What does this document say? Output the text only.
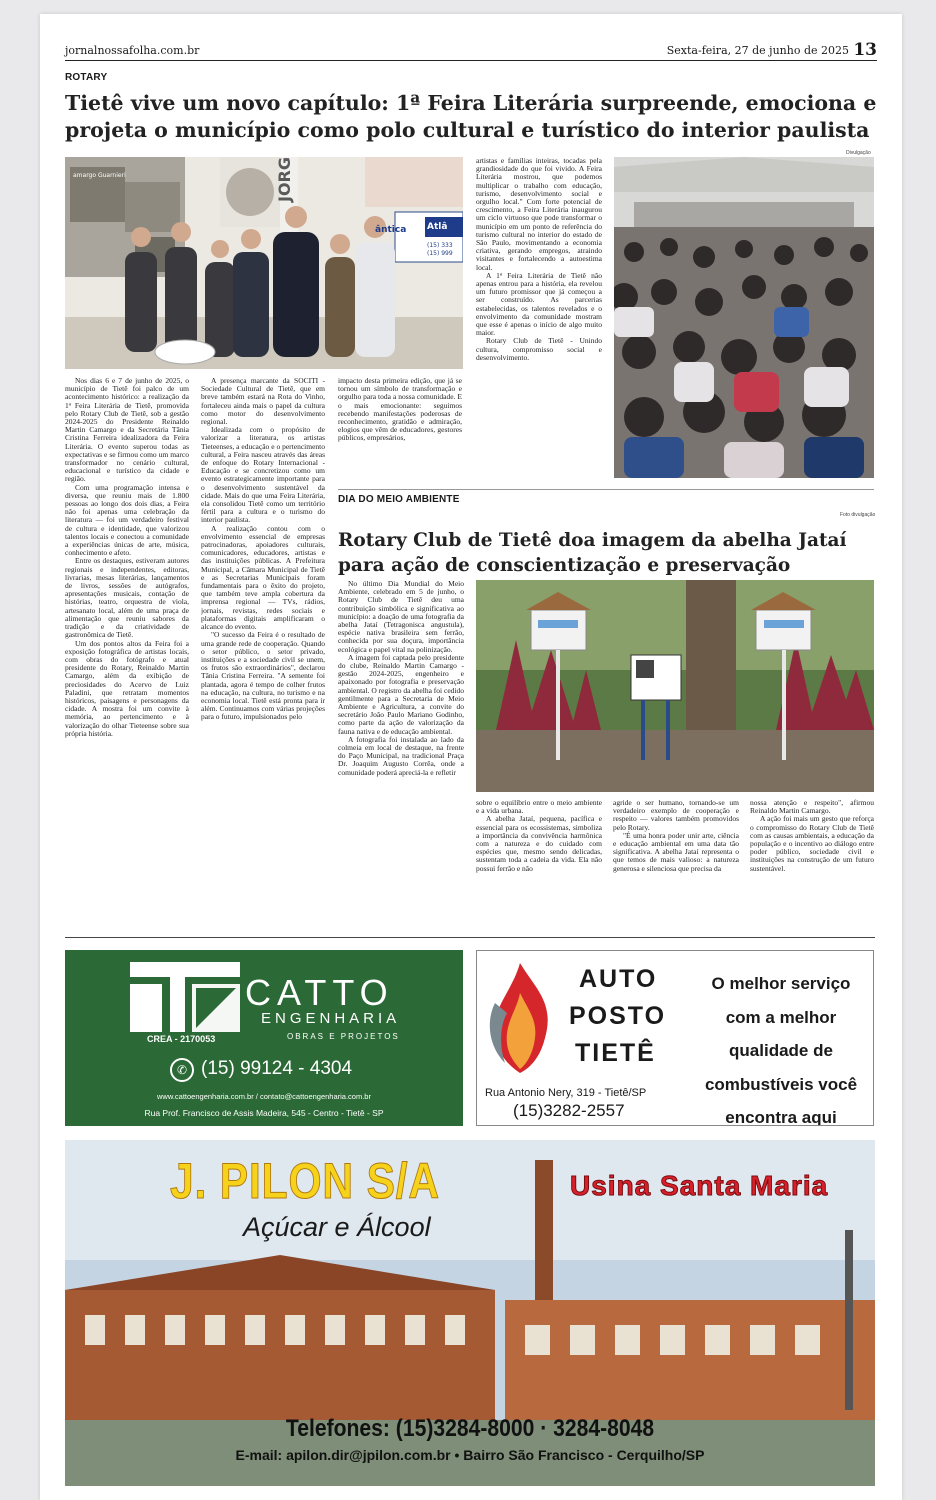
jornalnossafolha.com.br	Sexta-feira, 27 de junho de 2025 13
ROTARY
Tietê vive um novo capítulo: 1ª Feira Literária surpreende, emociona e
projeta o município como polo cultural e turístico do interior paulista
Divulgação
JORG
ântica Atlâ
(15) 333
(15) 999
amargo Guarnieri

Nos dias 6 e 7 de junho de 2025, o município de Tietê foi palco de um acontecimento histórico: a realização da 1ª Feira Literária de Tietê, promovida pelo Rotary Club de Tietê, sob a gestão 2024-2025 do Presidente Reinaldo Martin Camargo e da Secretária Tânia Cristina Ferreira idealizadora da Feira Literária. O evento superou todas as expectativas e se firmou como um marco transformador no cenário cultural, educacional e turístico da cidade e região.

Com uma programação intensa e diversa, que reuniu mais de 1.800 pessoas ao longo dos dois dias, a Feira não foi apenas uma celebração da literatura — foi um verdadeiro festival de cultura e identidade, que valorizou talentos locais e conectou a comunidade a experiências únicas de arte, música, conhecimento e afeto.

Entre os destaques, estiveram autores regionais e independentes, editoras, livrarias, mesas literárias, lançamentos de livros, sessões de autógrafos, apresentações musicais, contação de histórias, teatro, orquestra de viola, artesanato local, além de uma praça de alimentação que reuniu sabores da tradição e da criatividade de gastronômica de Tietê.

Um dos pontos altos da Feira foi a exposição fotográfica de artistas locais, com obras do fotógrafo e atual presidente do Rotary, Reinaldo Martin Camargo, além da exibição de preciosidades do Acervo de Luiz Paladini, que retratam momentos históricos, paisagens e personagens da cidade. A mostra foi um convite à memória, ao pertencimento e à valorização do olhar Tieteense sobre sua própria história.

A presença marcante da SOCITI - Sociedade Cultural de Tietê, que em breve também estará na Rota do Vinho, fortaleceu ainda mais o papel da cultura como motor do desenvolvimento regional.

Idealizada com o propósito de valorizar a literatura, os artistas Tieteenses, a educação e o pertencimento cultural, a Feira nasceu através das áreas de enfoque do Rotary Internacional - Educação e se concretizou como um evento estrategicamente importante para o desenvolvimento sustentável da cidade. Mais do que uma Feira Literária, ela consolidou Tietê como um território fértil para a cultura e o turismo do interior paulista.

A realização contou com o envolvimento essencial de empresas patrocinadoras, apoiadores culturais, comunicadores, educadores, artistas e das instituições públicas. A Prefeitura Municipal, a Câmara Municipal de Tietê e as Secretarias Municipais foram fundamentais para o êxito do projeto, que também teve ampla cobertura da imprensa regional — TVs, rádios, jornais, revistas, redes sociais e plataformas digitais amplificaram o alcance do evento.

"O sucesso da Feira é o resultado de uma grande rede de cooperação. Quando o setor público, o setor privado, instituições e a sociedade civil se unem, os frutos são extraordinários", declarou Tânia Cristina Ferreira. "A semente foi plantada, agora é tempo de colher frutos na educação, na cultura, no turismo e na economia local. Tietê está pronta para ir além. Continuamos com várias projeções para o futuro, impulsionados pelo

impacto desta primeira edição, que já se tornou um símbolo de transformação e orgulho para toda a nossa comunidade. E o mais emocionante: seguimos recebendo manifestações poderosas de reconhecimento, gratidão e admiração, elogios que vêm de educadores, gestores públicos, empresários,

artistas e famílias inteiras, tocadas pela grandiosidade do que foi vivido. A Feira Literária mostrou, que podemos multiplicar o trabalho com educação, turismo, desenvolvimento social e orgulho local." Com forte potencial de crescimento, a Feira Literária inaugurou um ciclo virtuoso que pode transformar o município em um ponto de referência do turismo cultural no interior do estado de São Paulo, movimentando a economia criativa, gerando empregos, atraindo visitantes e fortalecendo a autoestima local.

A 1ª Feira Literária de Tietê não apenas entrou para a história, ela revelou um futuro promissor que já começou a ser construído. As parcerias estabelecidas, os talentos revelados e o envolvimento da comunidade mostram que esse é apenas o início de algo muito maior.

Rotary Club de Tietê - Unindo cultura, compromisso social e desenvolvimento.

DIA DO MEIO AMBIENTE
Foto divulgação
Rotary Club de Tietê doa imagem da abelha Jataí
para ação de conscientização e preservação

No último Dia Mundial do Meio Ambiente, celebrado em 5 de junho, o Rotary Club de Tietê deu uma contribuição simbólica e significativa ao município: a doação de uma fotografia da abelha Jataí (Tetragonisca angustula), espécie nativa brasileira sem ferrão, conhecida por sua doçura, importância ecológica e papel vital na polinização.

A imagem foi captada pelo presidente do clube, Reinaldo Martin Camargo - gestão 2024-2025, engenheiro e apaixonado por fotografia e preservação ambiental. O registro da abelha foi cedido gentilmente para a Secretaria de Meio Ambiente e Agricultura, a convite do secretário João Paulo Mariano Godinho, como parte da ação de valorização da fauna nativa e de educação ambiental.

A fotografia foi instalada ao lado da colmeia em local de destaque, na frente do Paço Municipal, na tradicional Praça Dr. Joaquim Augusto Corrêa, onde a comunidade poderá apreciá-la e refletir

sobre o equilíbrio entre o meio ambiente e a vida urbana.

A abelha Jataí, pequena, pacífica e essencial para os ecossistemas, simboliza a importância da convivência harmônica com a natureza e do cuidado com espécies que, mesmo sendo delicadas, sustentam toda a cadeia da vida. Ela não possui ferrão e não

agride o ser humano, tornando-se um verdadeiro exemplo de cooperação e respeito — valores também promovidos pelo Rotary.

"É uma honra poder unir arte, ciência e educação ambiental em uma data tão significativa. A abelha Jataí representa o que temos de mais valioso: a natureza generosa e silenciosa que precisa da

nossa atenção e respeito", afirmou Reinaldo Martin Camargo.

A ação foi mais um gesto que reforça o compromisso do Rotary Club de Tietê com as causas ambientais, a educação da população e o incentivo ao diálogo entre poder público, sociedade civil e instituições na construção de um futuro sustentável.

CATTO
ENGENHARIA
OBRAS E PROJETOS
CREA - 2170053
✆ (15) 99124 - 4304
www.cattoengenharia.com.br / contato@cattoengenharia.com.br
Rua Prof. Francisco de Assis Madeira, 545 - Centro - Tietê - SP
AUTO
POSTO
TIETÊ
O melhor serviço
com a melhor
qualidade de
combustíveis você
encontra aqui
Rua Antonio Nery, 319 - Tietê/SP
(15)3282-2557
J. PILON S/A
Açúcar e Álcool
Usina Santa Maria
Telefones: (15)3284-8000 · 3284-8048
E-mail: apilon.dir@jpilon.com.br • Bairro São Francisco - Cerquilho/SP
